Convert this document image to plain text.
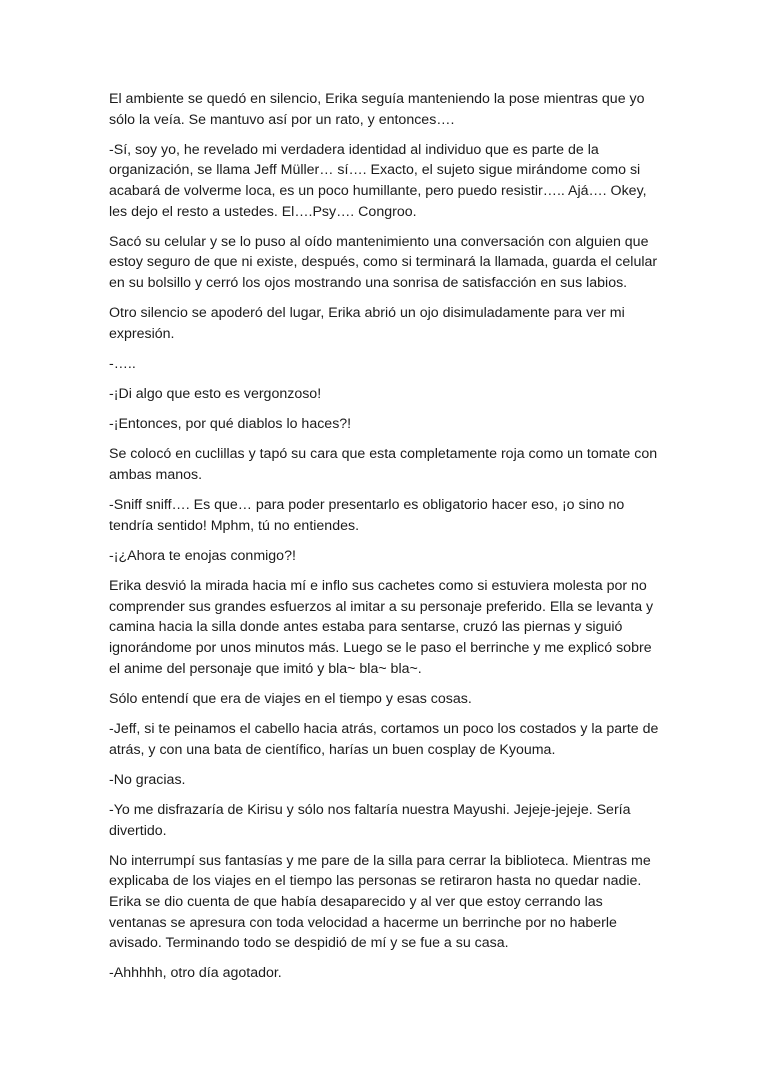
El ambiente se quedó en silencio, Erika seguía manteniendo la pose mientras que yo sólo la veía. Se mantuvo así por un rato, y entonces….

-Sí, soy yo, he revelado mi verdadera identidad al individuo que es parte de la organización, se llama Jeff Müller… sí…. Exacto, el sujeto sigue mirándome como si acabará de volverme loca, es un poco humillante, pero puedo resistir….. Ajá…. Okey, les dejo el resto a ustedes. El….Psy…. Congroo.

Sacó su celular y se lo puso al oído mantenimiento una conversación con alguien que estoy seguro de que ni existe, después, como si terminará la llamada, guarda el celular en su bolsillo y cerró los ojos mostrando una sonrisa de satisfacción en sus labios.

Otro silencio se apoderó del lugar, Erika abrió un ojo disimuladamente para ver mi expresión.

-…..

-¡Di algo que esto es vergonzoso!

-¡Entonces, por qué diablos lo haces?!

Se colocó en cuclillas y tapó su cara que esta completamente roja como un tomate con ambas manos.

-Sniff sniff…. Es que… para poder presentarlo es obligatorio hacer eso, ¡o sino no tendría sentido! Mphm, tú no entiendes.

-¡¿Ahora te enojas conmigo?!

Erika desvió la mirada hacia mí e inflo sus cachetes como si estuviera molesta por no comprender sus grandes esfuerzos al imitar a su personaje preferido. Ella se levanta y camina hacia la silla donde antes estaba para sentarse, cruzó las piernas y siguió ignorándome por unos minutos más. Luego se le paso el berrinche y me explicó sobre el anime del personaje que imitó y bla~ bla~ bla~.

Sólo entendí que era de viajes en el tiempo y esas cosas.

-Jeff, si te peinamos el cabello hacia atrás, cortamos un poco los costados y la parte de atrás, y con una bata de científico, harías un buen cosplay de Kyouma.

-No gracias.

-Yo me disfrazaría de Kirisu y sólo nos faltaría nuestra Mayushi. Jejeje-jejeje. Sería divertido.

No interrumpí sus fantasías y me pare de la silla para cerrar la biblioteca. Mientras me explicaba de los viajes en el tiempo las personas se retiraron hasta no quedar nadie. Erika se dio cuenta de que había desaparecido y al ver que estoy cerrando las ventanas se apresura con toda velocidad a hacerme un berrinche por no haberle avisado. Terminando todo se despidió de mí y se fue a su casa.

-Ahhhhh, otro día agotador.
